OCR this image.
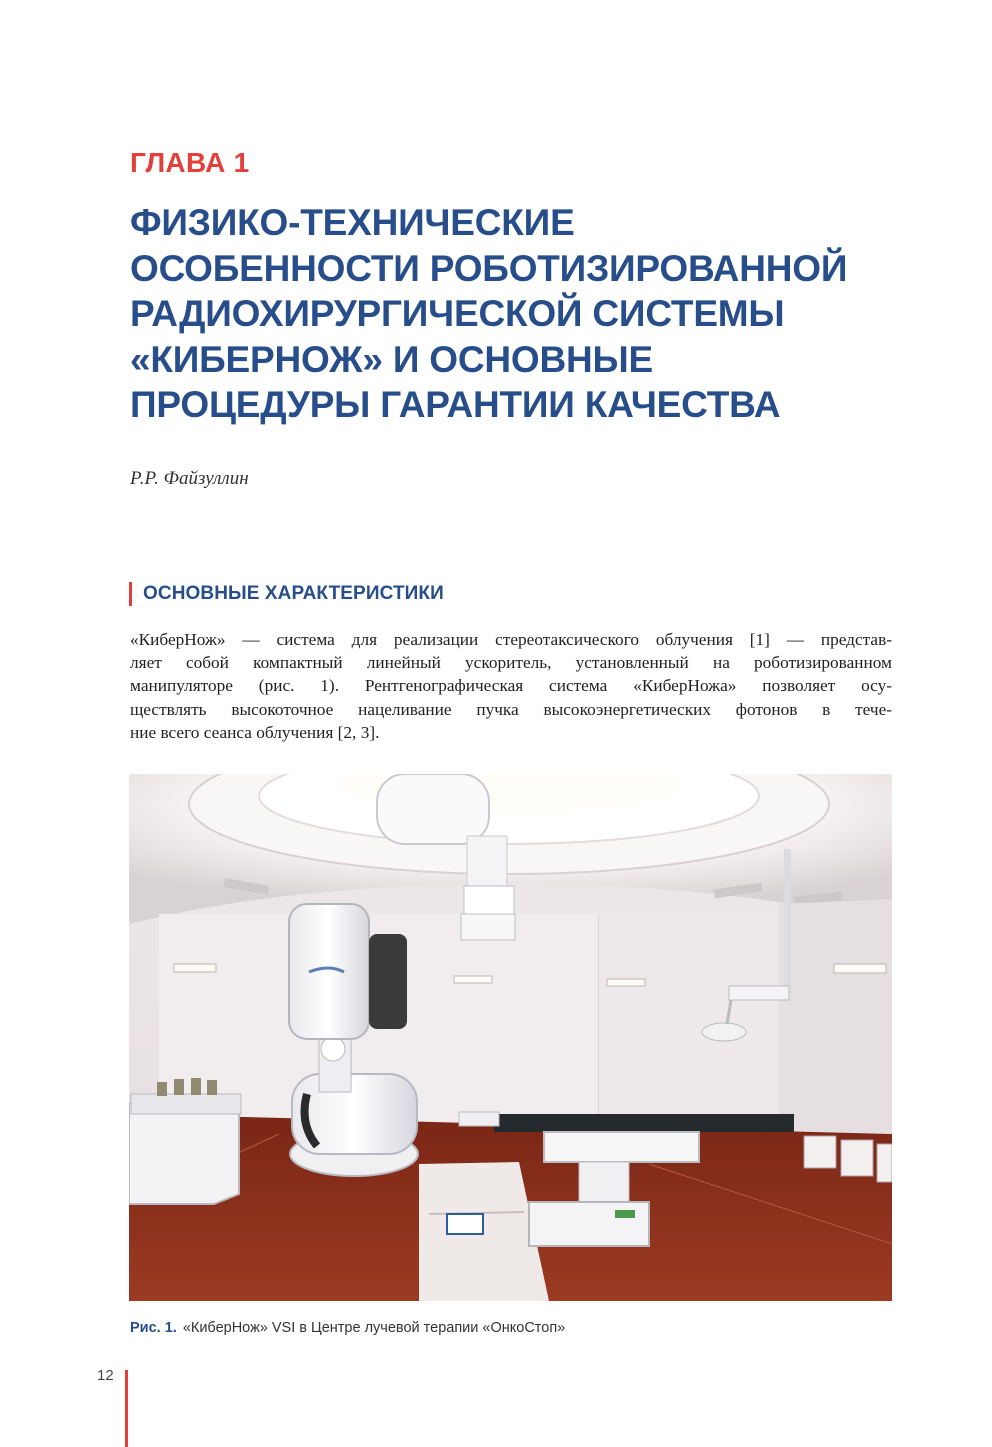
ГЛАВА 1
ФИЗИКО-ТЕХНИЧЕСКИЕ
ОСОБЕННОСТИ РОБОТИЗИРОВАННОЙ
РАДИОХИРУРГИЧЕСКОЙ СИСТЕМЫ
«КИБЕРНОЖ» И ОСНОВНЫЕ
ПРОЦЕДУРЫ ГАРАНТИИ КАЧЕСТВА

Р.Р. Файзуллин

ОСНОВНЫЕ ХАРАКТЕРИСТИКИ

«КиберНож» — система для реализации стереотаксического облучения [1] — представ-
ляет собой компактный линейный ускоритель, установленный на роботизированном
манипуляторе (рис. 1). Рентгенографическая система «КиберНожа» позволяет осу-
ществлять высокоточное нацеливание пучка высокоэнергетических фотонов в тече-
ние всего сеанса облучения [2, 3].

Рис. 1. «КиберНож» VSI в Центре лучевой терапии «ОнкоСтоп»

12
